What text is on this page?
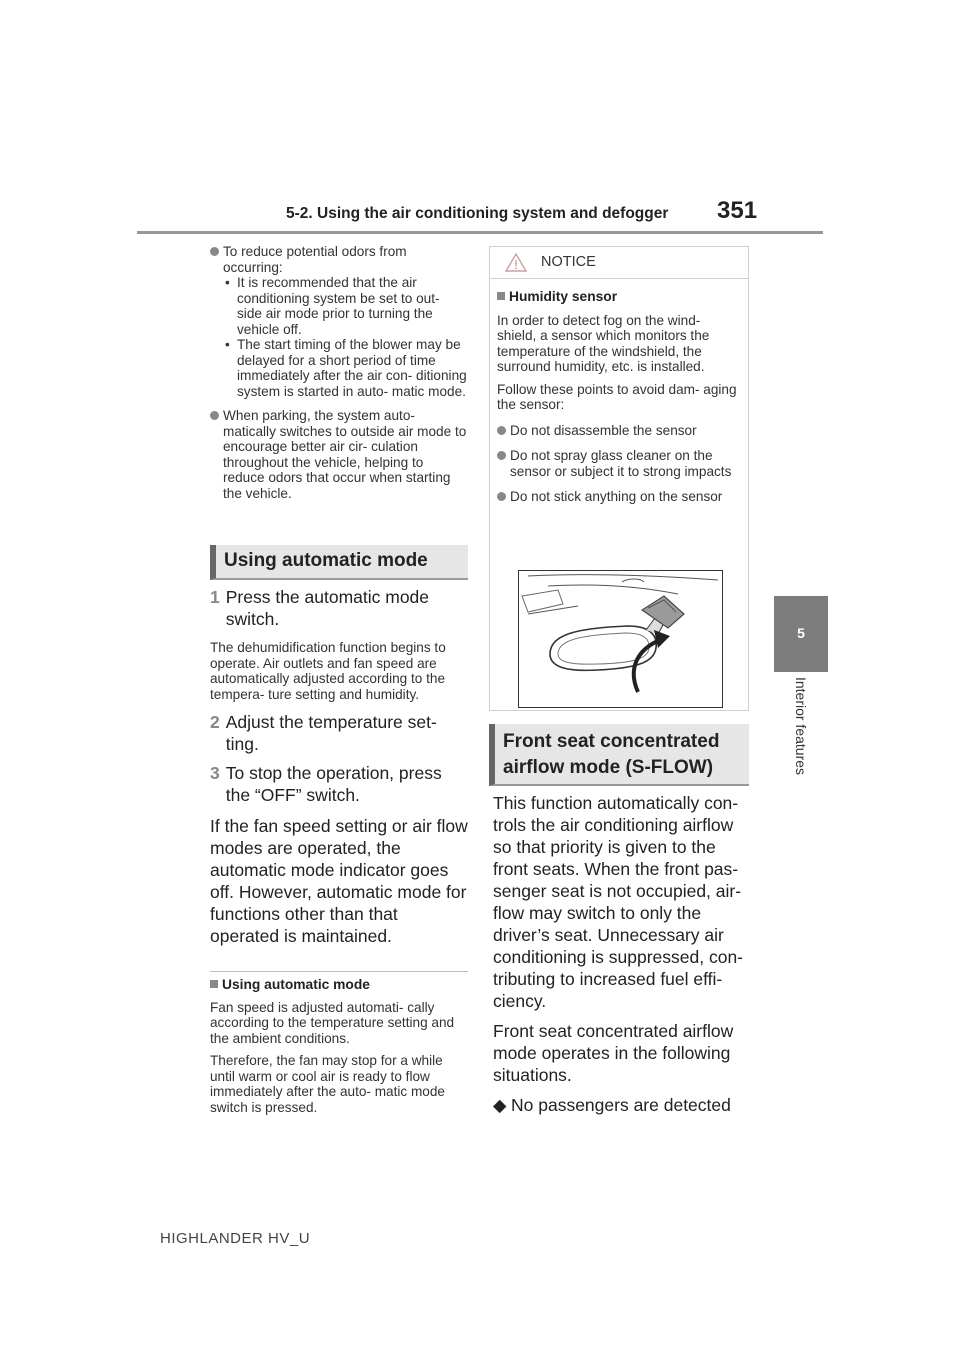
5-2. Using the air conditioning system and defogger 351
5
Interior features
To reduce potential odors from occurring:
• It is recommended that the air conditioning system be set to out- side air mode prior to turning the vehicle off.
• The start timing of the blower may be delayed for a short period of time immediately after the air con- ditioning system is started in auto- matic mode.
When parking, the system auto- matically switches to outside air mode to encourage better air cir- culation throughout the vehicle, helping to reduce odors that occur when starting the vehicle.
Using automatic mode
1 Press the automatic mode switch.
The dehumidification function begins to operate. Air outlets and fan speed are automatically adjusted according to the tempera- ture setting and humidity.
2 Adjust the temperature set- ting.
3 To stop the operation, press the “OFF” switch.
If the fan speed setting or air flow modes are operated, the automatic mode indicator goes off. However, automatic mode for functions other than that operated is maintained.
Using automatic mode
Fan speed is adjusted automati- cally according to the temperature setting and the ambient conditions.
Therefore, the fan may stop for a while until warm or cool air is ready to flow immediately after the auto- matic mode switch is pressed.
NOTICE
Humidity sensor
In order to detect fog on the wind- shield, a sensor which monitors the temperature of the windshield, the surround humidity, etc. is installed.
Follow these points to avoid dam- aging the sensor:
Do not disassemble the sensor
Do not spray glass cleaner on the sensor or subject it to strong impacts
Do not stick anything on the sensor
Front seat concentrated airflow mode (S-FLOW)
This function automatically con- trols the air conditioning airflow so that priority is given to the front seats. When the front pas- senger seat is not occupied, air- flow may switch to only the driver’s seat. Unnecessary air conditioning is suppressed, con- tributing to increased fuel effi- ciency.
Front seat concentrated airflow mode operates in the following situations.
◆ No passengers are detected
HIGHLANDER HV_U
